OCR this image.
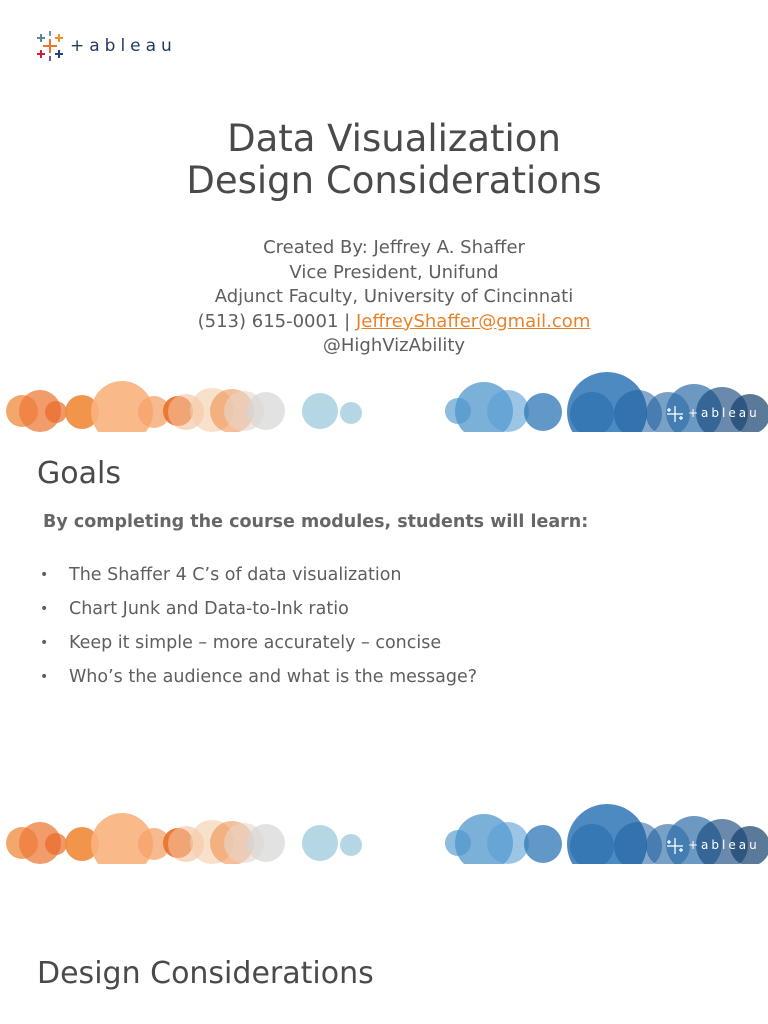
+ableau
Data Visualization
Design Considerations
Created By: Jeffrey A. Shaffer
Vice President, Unifund
Adjunct Faculty, University of Cincinnati
(513) 615-0001 | JeffreyShaffer@gmail.com
@HighVizAbility
+ableau
Goals
By completing the course modules, students will learn:
• The Shaffer 4 C’s of data visualization
• Chart Junk and Data-to-Ink ratio
• Keep it simple – more accurately – concise
• Who’s the audience and what is the message?
+ableau
Design Considerations
